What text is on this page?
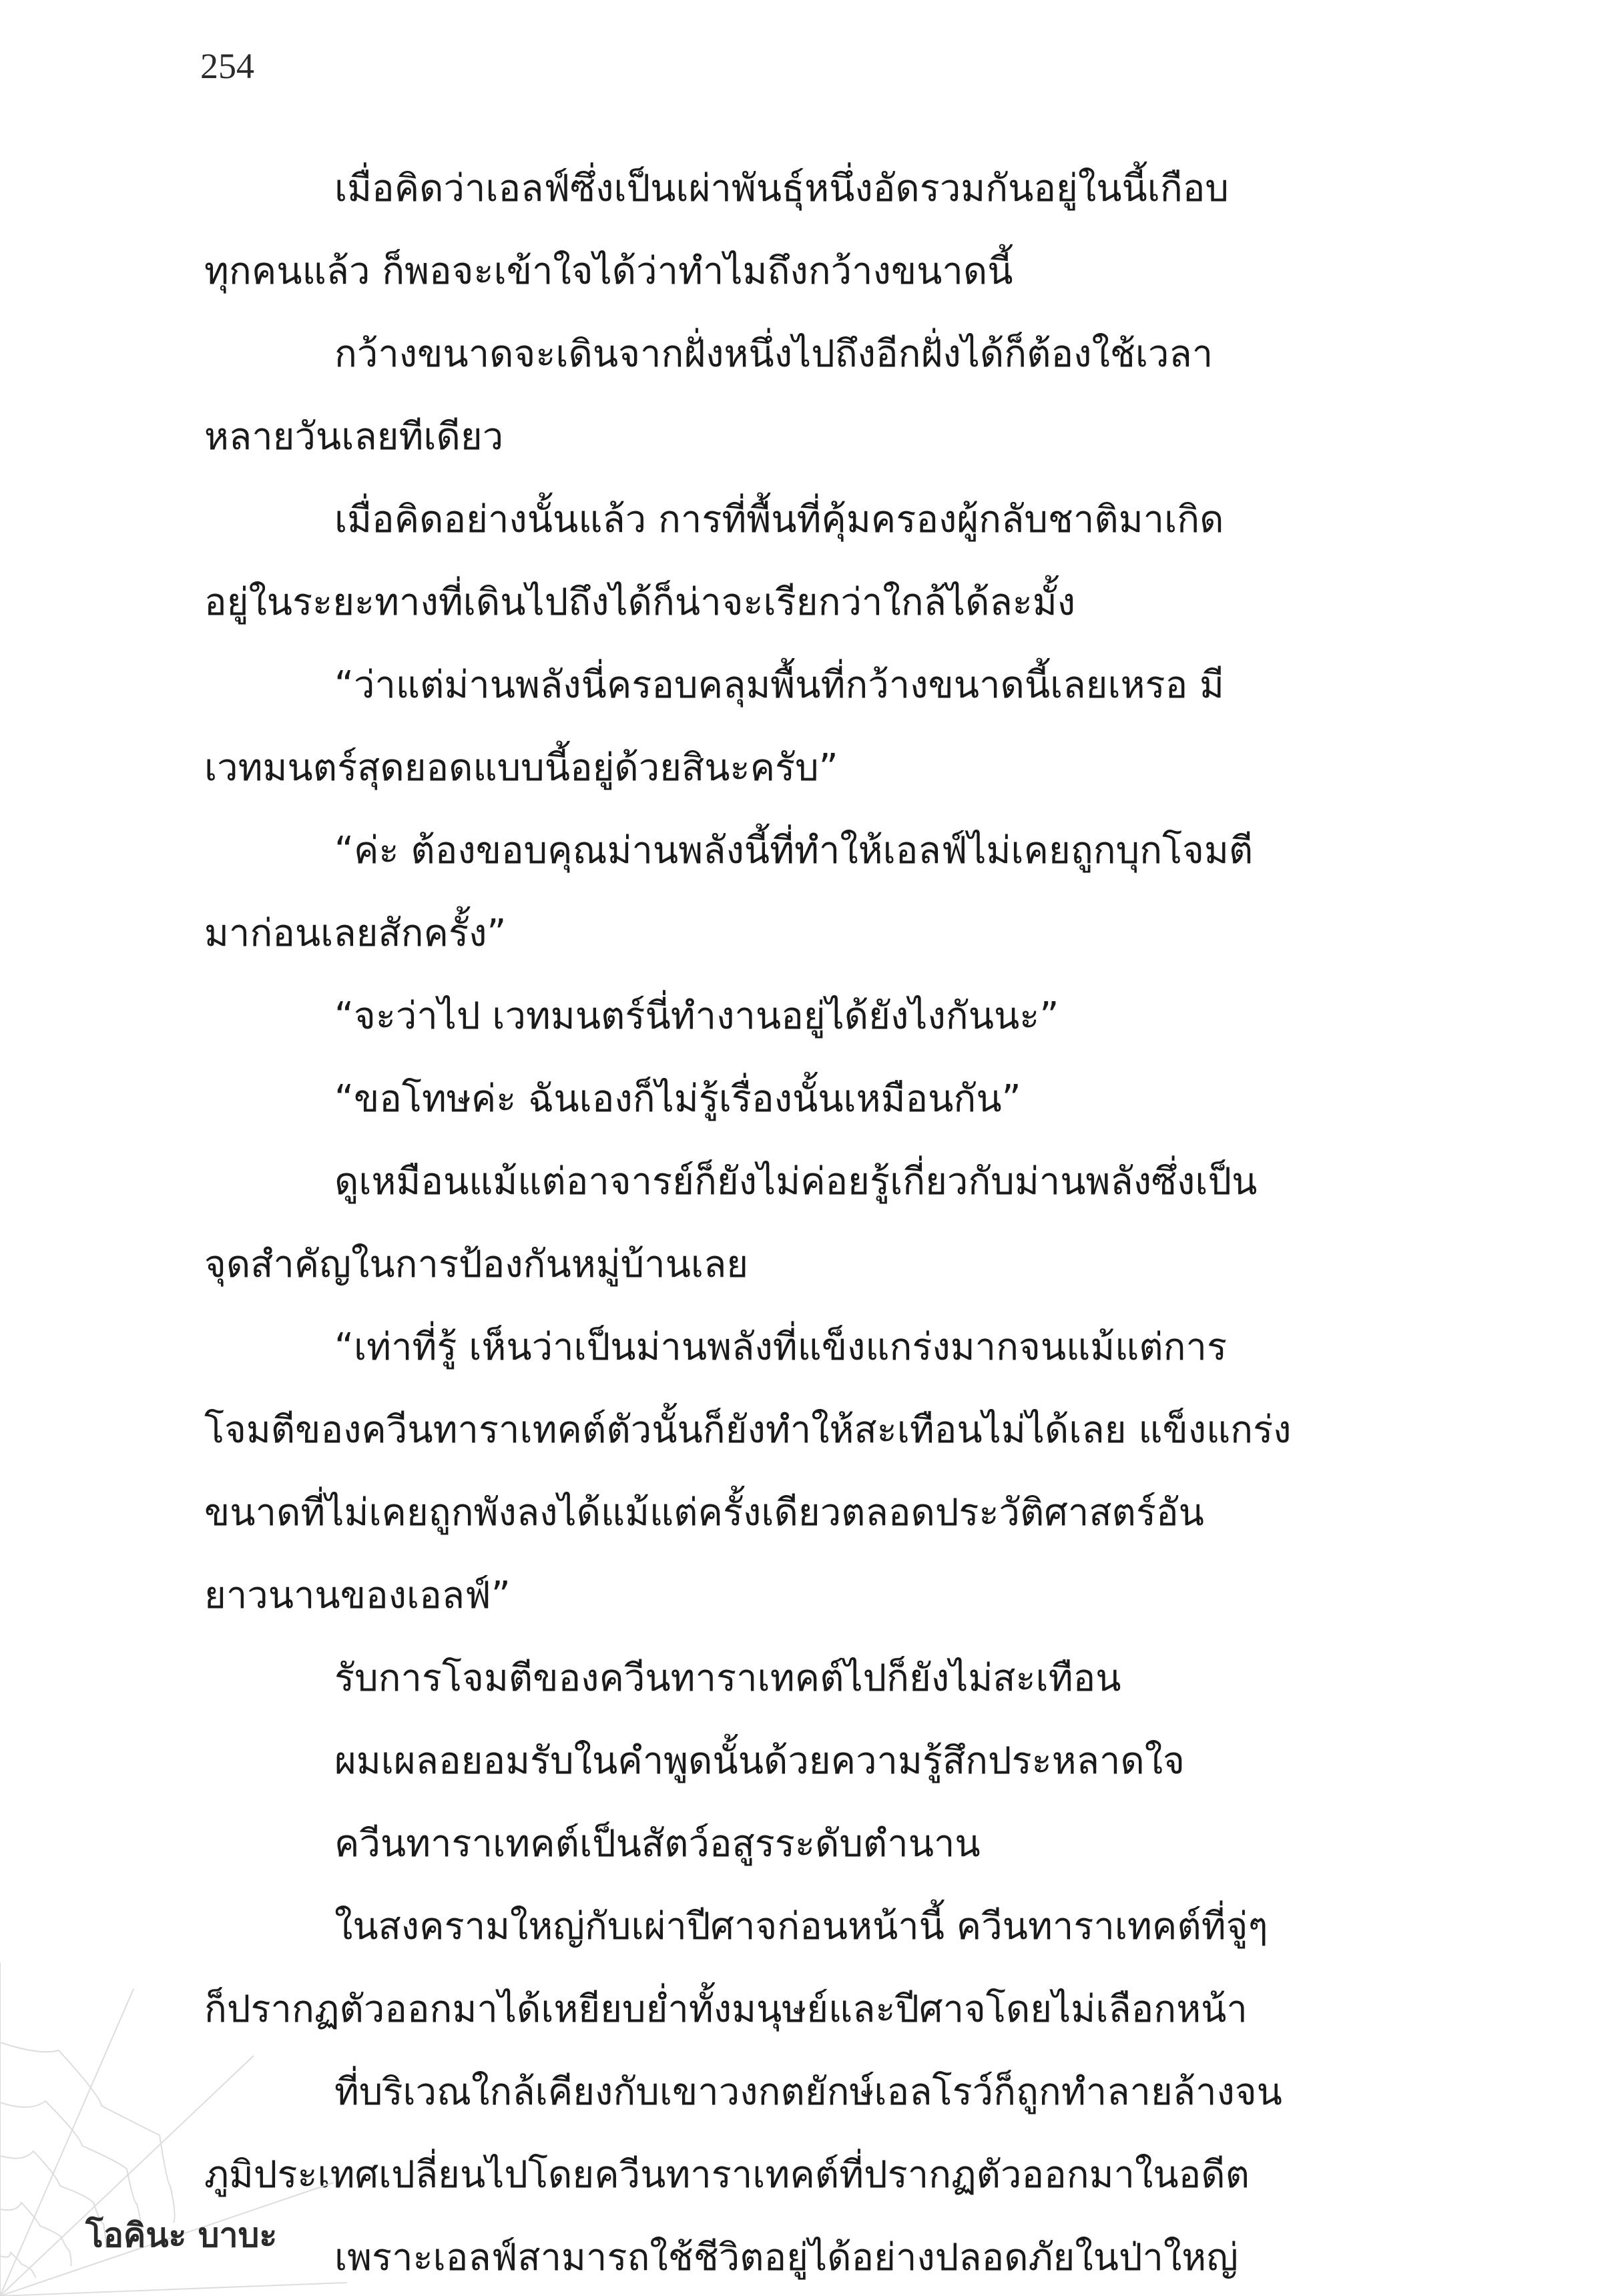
254
เมื่อคิดว่าเอลฟ์ซึ่งเป็นเผ่าพันธุ์หนึ่งอัดรวมกันอยู่ในนี้เกือบ
ทุกคนแล้ว ก็พอจะเข้าใจได้ว่าทำไมถึงกว้างขนาดนี้
กว้างขนาดจะเดินจากฝั่งหนึ่งไปถึงอีกฝั่งได้ก็ต้องใช้เวลา
หลายวันเลยทีเดียว
เมื่อคิดอย่างนั้นแล้ว การที่พื้นที่คุ้มครองผู้กลับชาติมาเกิด
อยู่ในระยะทางที่เดินไปถึงได้ก็น่าจะเรียกว่าใกล้ได้ละมั้ง
“ว่าแต่ม่านพลังนี่ครอบคลุมพื้นที่กว้างขนาดนี้เลยเหรอ มี
เวทมนตร์สุดยอดแบบนี้อยู่ด้วยสินะครับ”
“ค่ะ ต้องขอบคุณม่านพลังนี้ที่ทำให้เอลฟ์ไม่เคยถูกบุกโจมตี
มาก่อนเลยสักครั้ง”
“จะว่าไป เวทมนตร์นี่ทำงานอยู่ได้ยังไงกันนะ”
“ขอโทษค่ะ ฉันเองก็ไม่รู้เรื่องนั้นเหมือนกัน”
ดูเหมือนแม้แต่อาจารย์ก็ยังไม่ค่อยรู้เกี่ยวกับม่านพลังซึ่งเป็น
จุดสำคัญในการป้องกันหมู่บ้านเลย
“เท่าที่รู้ เห็นว่าเป็นม่านพลังที่แข็งแกร่งมากจนแม้แต่การ
โจมตีของควีนทาราเทคต์ตัวนั้นก็ยังทำให้สะเทือนไม่ได้เลย แข็งแกร่ง
ขนาดที่ไม่เคยถูกพังลงได้แม้แต่ครั้งเดียวตลอดประวัติศาสตร์อัน
ยาวนานของเอลฟ์”
รับการโจมตีของควีนทาราเทคต์ไปก็ยังไม่สะเทือน
ผมเผลอยอมรับในคำพูดนั้นด้วยความรู้สึกประหลาดใจ
ควีนทาราเทคต์เป็นสัตว์อสูรระดับตำนาน
ในสงครามใหญ่กับเผ่าปีศาจก่อนหน้านี้ ควีนทาราเทคต์ที่จู่ๆ
ก็ปรากฏตัวออกมาได้เหยียบย่ำทั้งมนุษย์และปีศาจโดยไม่เลือกหน้า
ที่บริเวณใกล้เคียงกับเขาวงกตยักษ์เอลโรว์ก็ถูกทำลายล้างจน
ภูมิประเทศเปลี่ยนไปโดยควีนทาราเทคต์ที่ปรากฏตัวออกมาในอดีต
เพราะเอลฟ์สามารถใช้ชีวิตอยู่ได้อย่างปลอดภัยในป่าใหญ่
โอคินะ บาบะ
